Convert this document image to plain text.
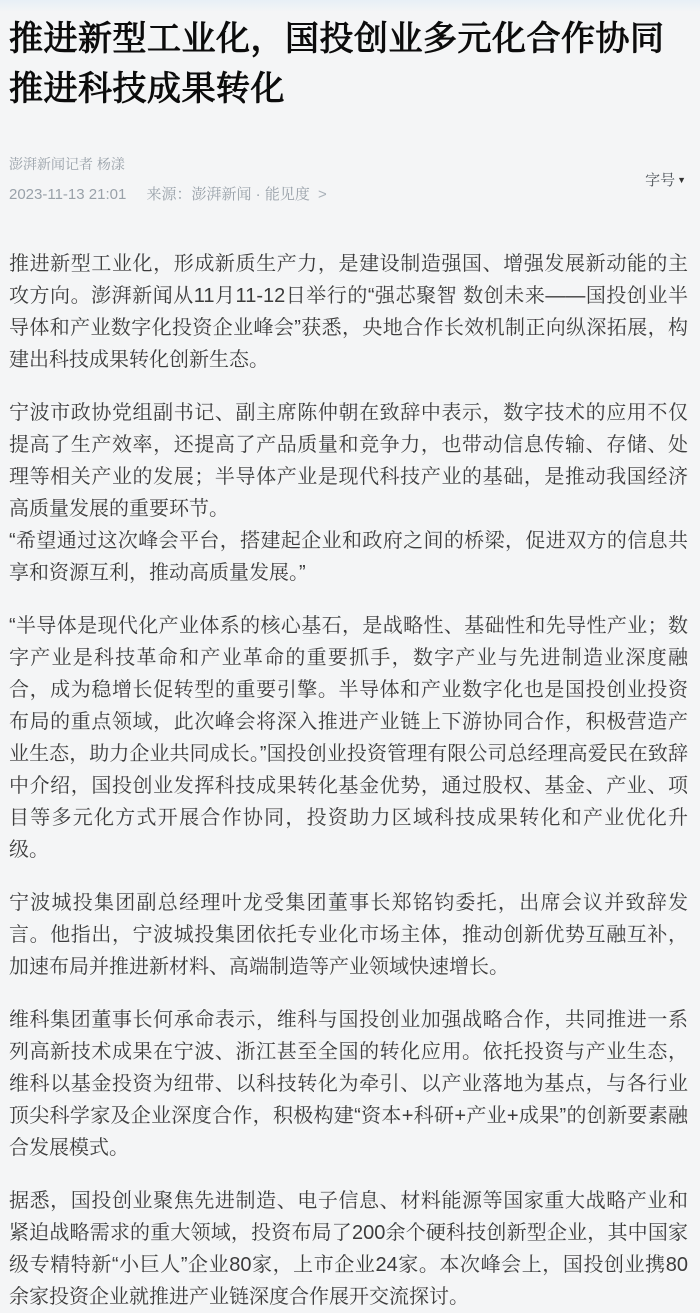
推进新型工业化，国投创业多元化合作协同推进科技成果转化
澎湃新闻记者 杨漾
2023-11-13 21:01 来源：澎湃新闻 · 能见度 >
字号 ▼

推进新型工业化，形成新质生产力，是建设制造强国、增强发展新动能的主攻方向。澎湃新闻从11月11-12日举行的“强芯聚智 数创未来——国投创业半导体和产业数字化投资企业峰会”获悉，央地合作长效机制正向纵深拓展，构建出科技成果转化创新生态。

宁波市政协党组副书记、副主席陈仲朝在致辞中表示，数字技术的应用不仅提高了生产效率，还提高了产品质量和竞争力，也带动信息传输、存储、处理等相关产业的发展；半导体产业是现代科技产业的基础，是推动我国经济高质量发展的重要环节。

“希望通过这次峰会平台，搭建起企业和政府之间的桥梁，促进双方的信息共享和资源互利，推动高质量发展。”

“半导体是现代化产业体系的核心基石，是战略性、基础性和先导性产业；数字产业是科技革命和产业革命的重要抓手，数字产业与先进制造业深度融合，成为稳增长促转型的重要引擎。半导体和产业数字化也是国投创业投资布局的重点领域，此次峰会将深入推进产业链上下游协同合作，积极营造产业生态，助力企业共同成长。”国投创业投资管理有限公司总经理高爱民在致辞中介绍，国投创业发挥科技成果转化基金优势，通过股权、基金、产业、项目等多元化方式开展合作协同，投资助力区域科技成果转化和产业优化升级。

宁波城投集团副总经理叶龙受集团董事长郑铭钧委托，出席会议并致辞发言。他指出，宁波城投集团依托专业化市场主体，推动创新优势互融互补，加速布局并推进新材料、高端制造等产业领域快速增长。

维科集团董事长何承命表示，维科与国投创业加强战略合作，共同推进一系列高新技术成果在宁波、浙江甚至全国的转化应用。依托投资与产业生态，维科以基金投资为纽带、以科技转化为牵引、以产业落地为基点，与各行业顶尖科学家及企业深度合作，积极构建“资本+科研+产业+成果”的创新要素融合发展模式。

据悉，国投创业聚焦先进制造、电子信息、材料能源等国家重大战略产业和紧迫战略需求的重大领域，投资布局了200余个硬科技创新型企业，其中国家级专精特新“小巨人”企业80家，上市企业24家。本次峰会上，国投创业携80余家投资企业就推进产业链深度合作展开交流探讨。
